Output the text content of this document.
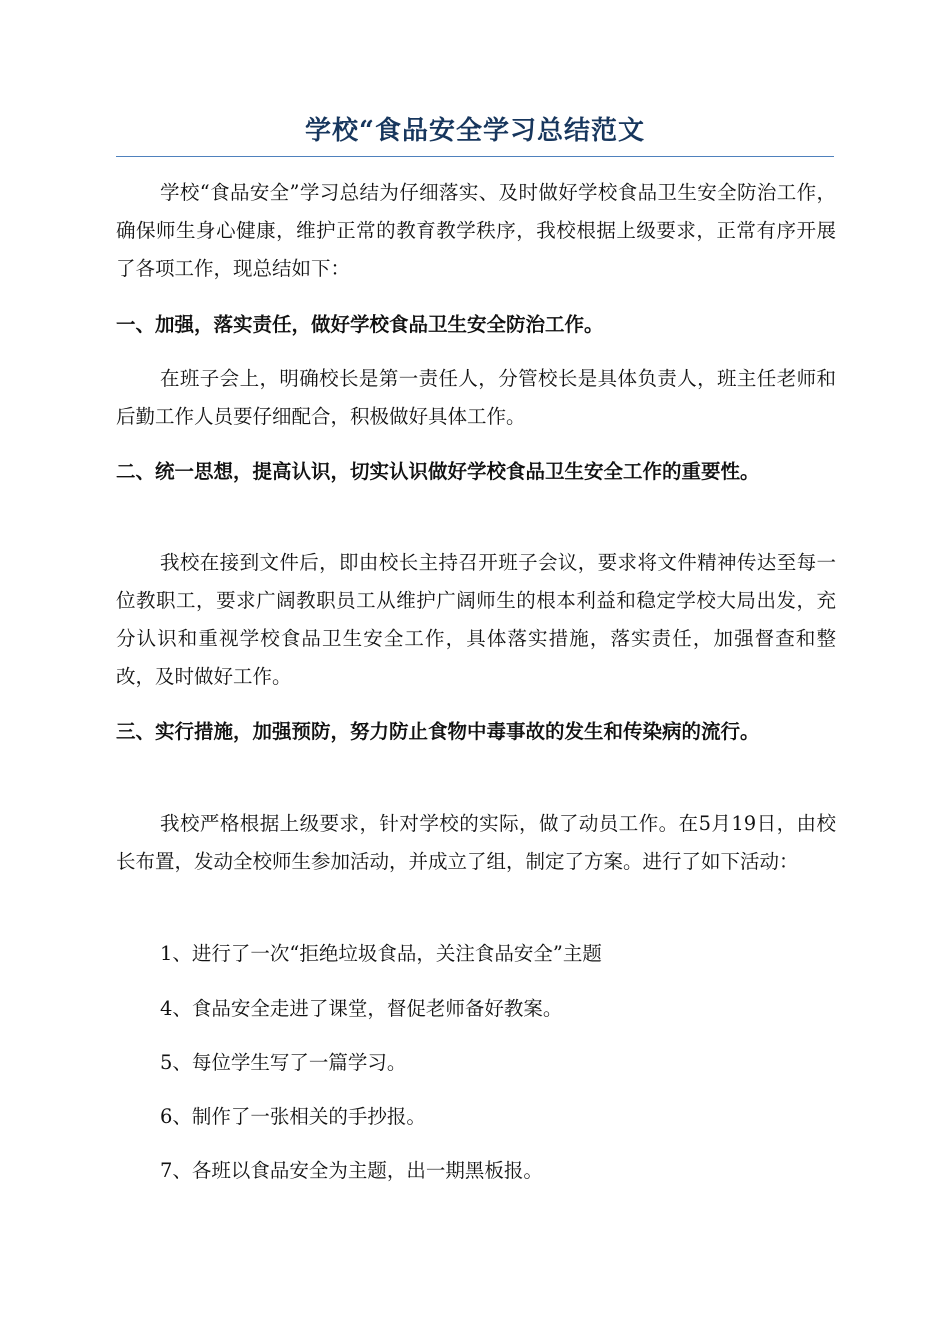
学校“食品安全学习总结范文

学校“食品安全”学习总结为仔细落实、及时做好学校食品卫生安全防治工作，确保师生身心健康，维护正常的教育教学秩序，我校根据上级要求，正常有序开展了各项工作，现总结如下：

一、加强，落实责任，做好学校食品卫生安全防治工作。

在班子会上，明确校长是第一责任人，分管校长是具体负责人，班主任老师和后勤工作人员要仔细配合，积极做好具体工作。

二、统一思想，提高认识，切实认识做好学校食品卫生安全工作的重要性。

我校在接到文件后，即由校长主持召开班子会议，要求将文件精神传达至每一位教职工，要求广阔教职员工从维护广阔师生的根本利益和稳定学校大局出发，充分认识和重视学校食品卫生安全工作，具体落实措施，落实责任，加强督查和整改，及时做好工作。

三、实行措施，加强预防，努力防止食物中毒事故的发生和传染病的流行。

我校严格根据上级要求，针对学校的实际，做了动员工作。在5月19日，由校长布置，发动全校师生参加活动，并成立了组，制定了方案。进行了如下活动：

1、进行了一次“拒绝垃圾食品，关注食品安全”主题

4、食品安全走进了课堂，督促老师备好教案。

5、每位学生写了一篇学习。

6、制作了一张相关的手抄报。

7、各班以食品安全为主题，出一期黑板报。
